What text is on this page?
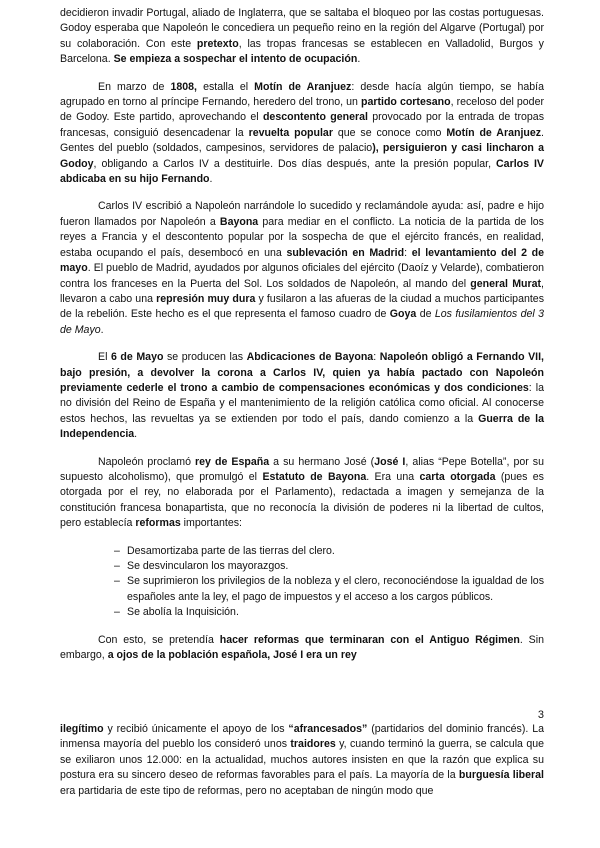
decidieron invadir Portugal, aliado de Inglaterra, que se saltaba el bloqueo por las costas portuguesas. Godoy esperaba que Napoleón le concediera un pequeño reino en la región del Algarve (Portugal) por su colaboración. Con este pretexto, las tropas francesas se establecen en Valladolid, Burgos y Barcelona. Se empieza a sospechar el intento de ocupación.

En marzo de 1808, estalla el Motín de Aranjuez: desde hacía algún tiempo, se había agrupado en torno al príncipe Fernando, heredero del trono, un partido cortesano, receloso del poder de Godoy. Este partido, aprovechando el descontento general provocado por la entrada de tropas francesas, consiguió desencadenar la revuelta popular que se conoce como Motín de Aranjuez. Gentes del pueblo (soldados, campesinos, servidores de palacio), persiguieron y casi lincharon a Godoy, obligando a Carlos IV a destituirle. Dos días después, ante la presión popular, Carlos IV abdicaba en su hijo Fernando.

Carlos IV escribió a Napoleón narrándole lo sucedido y reclamándole ayuda: así, padre e hijo fueron llamados por Napoleón a Bayona para mediar en el conflicto. La noticia de la partida de los reyes a Francia y el descontento popular por la sospecha de que el ejército francés, en realidad, estaba ocupando el país, desembocó en una sublevación en Madrid: el levantamiento del 2 de mayo. El pueblo de Madrid, ayudados por algunos oficiales del ejército (Daoíz y Velarde), combatieron contra los franceses en la Puerta del Sol. Los soldados de Napoleón, al mando del general Murat, llevaron a cabo una represión muy dura y fusilaron a las afueras de la ciudad a muchos participantes de la rebelión. Este hecho es el que representa el famoso cuadro de Goya de Los fusilamientos del 3 de Mayo.

El 6 de Mayo se producen las Abdicaciones de Bayona: Napoleón obligó a Fernando VII, bajo presión, a devolver la corona a Carlos IV, quien ya había pactado con Napoleón previamente cederle el trono a cambio de compensaciones económicas y dos condiciones: la no división del Reino de España y el mantenimiento de la religión católica como oficial. Al conocerse estos hechos, las revueltas ya se extienden por todo el país, dando comienzo a la Guerra de la Independencia.

Napoleón proclamó rey de España a su hermano José (José I, alias “Pepe Botella”, por su supuesto alcoholismo), que promulgó el Estatuto de Bayona. Era una carta otorgada (pues es otorgada por el rey, no elaborada por el Parlamento), redactada a imagen y semejanza de la constitución francesa bonapartista, que no reconocía la división de poderes ni la libertad de cultos, pero establecía reformas importantes:

– Desamortizaba parte de las tierras del clero.
– Se desvincularon los mayorazgos.
– Se suprimieron los privilegios de la nobleza y el clero, reconociéndose la igualdad de los españoles ante la ley, el pago de impuestos y el acceso a los cargos públicos.
– Se abolía la Inquisición.

Con esto, se pretendía hacer reformas que terminaran con el Antiguo Régimen. Sin embargo, a ojos de la población española, José I era un rey

3

ilegítimo y recibió únicamente el apoyo de los “afrancesados” (partidarios del dominio francés). La inmensa mayoría del pueblo los consideró unos traidores y, cuando terminó la guerra, se calcula que se exiliaron unos 12.000: en la actualidad, muchos autores insisten en que la razón que explica su postura era su sincero deseo de reformas favorables para el país. La mayoría de la burguesía liberal era partidaria de este tipo de reformas, pero no aceptaban de ningún modo que
